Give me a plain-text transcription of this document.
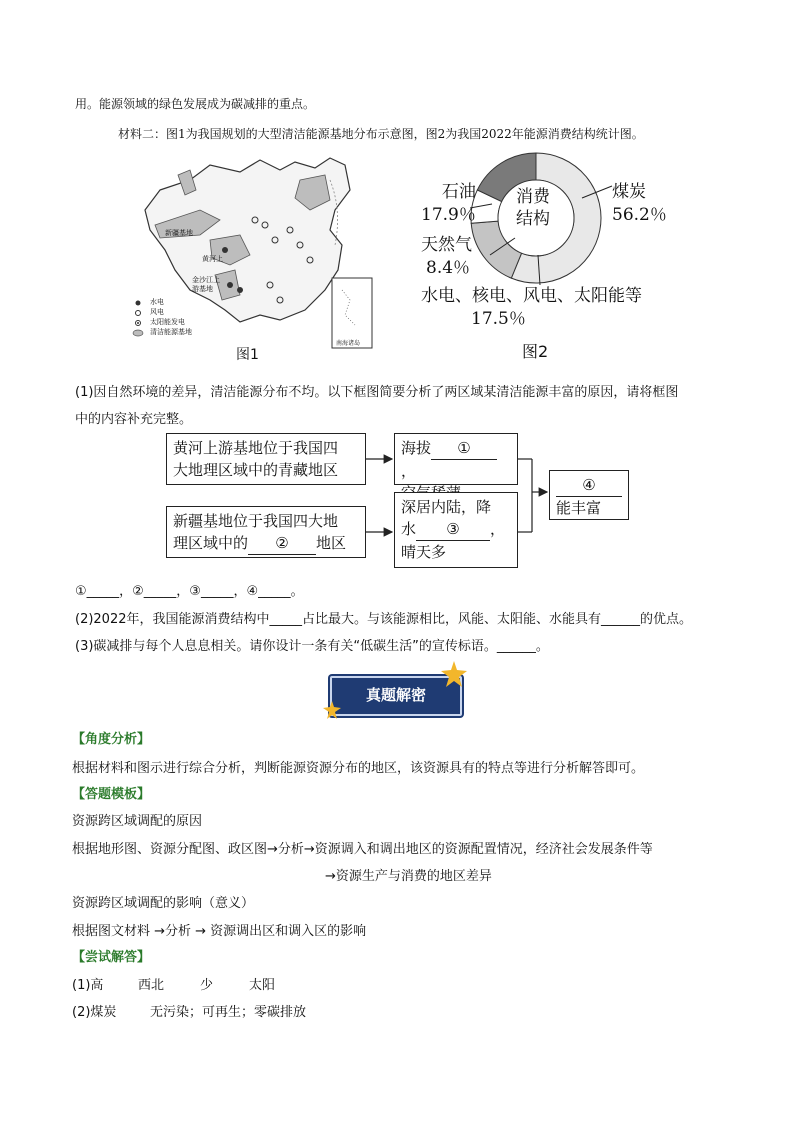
用。能源领域的绿色发展成为碳减排的重点。
材料二：图1为我国规划的大型清洁能源基地分布示意图，图2为我国2022年能源消费结构统计图。
水电
风电
太阳能发电
清洁能源基地
新疆基地
黄河上
金沙江上游基地
南海诸岛
图1
消费
结构
石油
17.9％
煤炭
56.2％
天然气
8.4％
水电、核电、风电、太阳能等
17.5％
图2
(1)因自然环境的差异，清洁能源分布不均。以下框图简要分析了两区域某清洁能源丰富的原因，请将框图
中的内容补充完整。
黄河上游基地位于我国四
大地理区域中的青藏地区
海拔 ①，
新疆基地位于我国四大地
理区域中的 ② 地区
深居内陆，降
水 ③ ，
晴天多
④
能丰富
①_____，②_____，③_____，④_____。
(2)2022年，我国能源消费结构中_____占比最大。与该能源相比，风能、太阳能、水能具有______的优点。
(3)碳减排与每个人息息相关。请你设计一条有关“低碳生活”的宣传标语。______。
真题解密
【角度分析】
根据材料和图示进行综合分析，判断能源资源分布的地区，该资源具有的特点等进行分析解答即可。
【答题模板】
资源跨区域调配的原因
根据地形图、资源分配图、政区图→分析→资源调入和调出地区的资源配置情况，经济社会发展条件等
→资源生产与消费的地区差异
资源跨区域调配的影响（意义）
根据图文材料 →分析 → 资源调出区和调入区的影响
【尝试解答】
(1)高	西北	少	太阳
(2)煤炭	无污染；可再生；零碳排放
